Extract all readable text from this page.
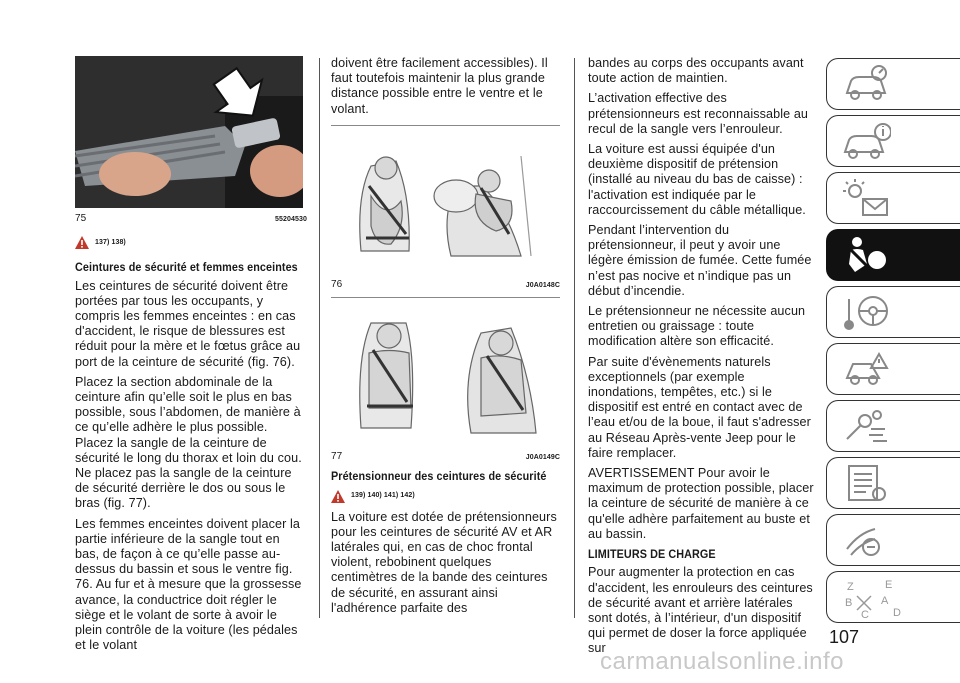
75	55204530
137) 138)
Ceintures de sécurité et femmes enceintes

Les ceintures de sécurité doivent être portées par tous les occupants, y compris les femmes enceintes : en cas d'accident, le risque de blessures est réduit pour la mère et le fœtus grâce au port de la ceinture de sécurité (fig. 76).

Placez la section abdominale de la ceinture afin qu’elle soit le plus en bas possible, sous l’abdomen, de manière à ce qu’elle adhère le plus possible. Placez la sangle de la ceinture de sécurité le long du thorax et loin du cou. Ne placez pas la sangle de la ceinture de sécurité derrière le dos ou sous le bras (fig. 77).

Les femmes enceintes doivent placer la partie inférieure de la sangle tout en bas, de façon à ce qu’elle passe au-dessus du bassin et sous le ventre fig. 76. Au fur et à mesure que la grossesse avance, la conductrice doit régler le siège et le volant de sorte à avoir le plein contrôle de la voiture (les pédales et le volant

doivent être facilement accessibles). Il faut toutefois maintenir la plus grande distance possible entre le ventre et le volant.

76	J0A0148C
77	J0A0149C
Prétensionneur des ceintures de sécurité
139) 140) 141) 142)

La voiture est dotée de prétensionneurs pour les ceintures de sécurité AV et AR latérales qui, en cas de choc frontal violent, rebobinent quelques centimètres de la bande des ceintures de sécurité, en assurant ainsi l'adhérence parfaite des

bandes au corps des occupants avant toute action de maintien.

L’activation effective des prétensionneurs est reconnaissable au recul de la sangle vers l’enrouleur.

La voiture est aussi équipée d'un deuxième dispositif de prétension (installé au niveau du bas de caisse) : l'activation est indiquée par le raccourcissement du câble métallique.

Pendant l’intervention du prétensionneur, il peut y avoir une légère émission de fumée. Cette fumée n’est pas nocive et n’indique pas un début d’incendie.

Le prétensionneur ne nécessite aucun entretien ou graissage : toute modification altère son efficacité.

Par suite d'évènements naturels exceptionnels (par exemple inondations, tempêtes, etc.) si le dispositif est entré en contact avec de l’eau et/ou de la boue, il faut s'adresser au Réseau Après-vente Jeep pour le faire remplacer.

AVERTISSEMENT Pour avoir le maximum de protection possible, placer la ceinture de sécurité de manière à ce qu'elle adhère parfaitement au buste et au bassin.

LIMITEURS DE CHARGE

Pour augmenter la protection en cas d'accident, les enrouleurs des ceintures de sécurité avant et arrière latérales sont dotés, à l’intérieur, d'un dispositif qui permet de doser la force appliquée sur

Z	E
B	A
C D
107
carmanualsonline.info
